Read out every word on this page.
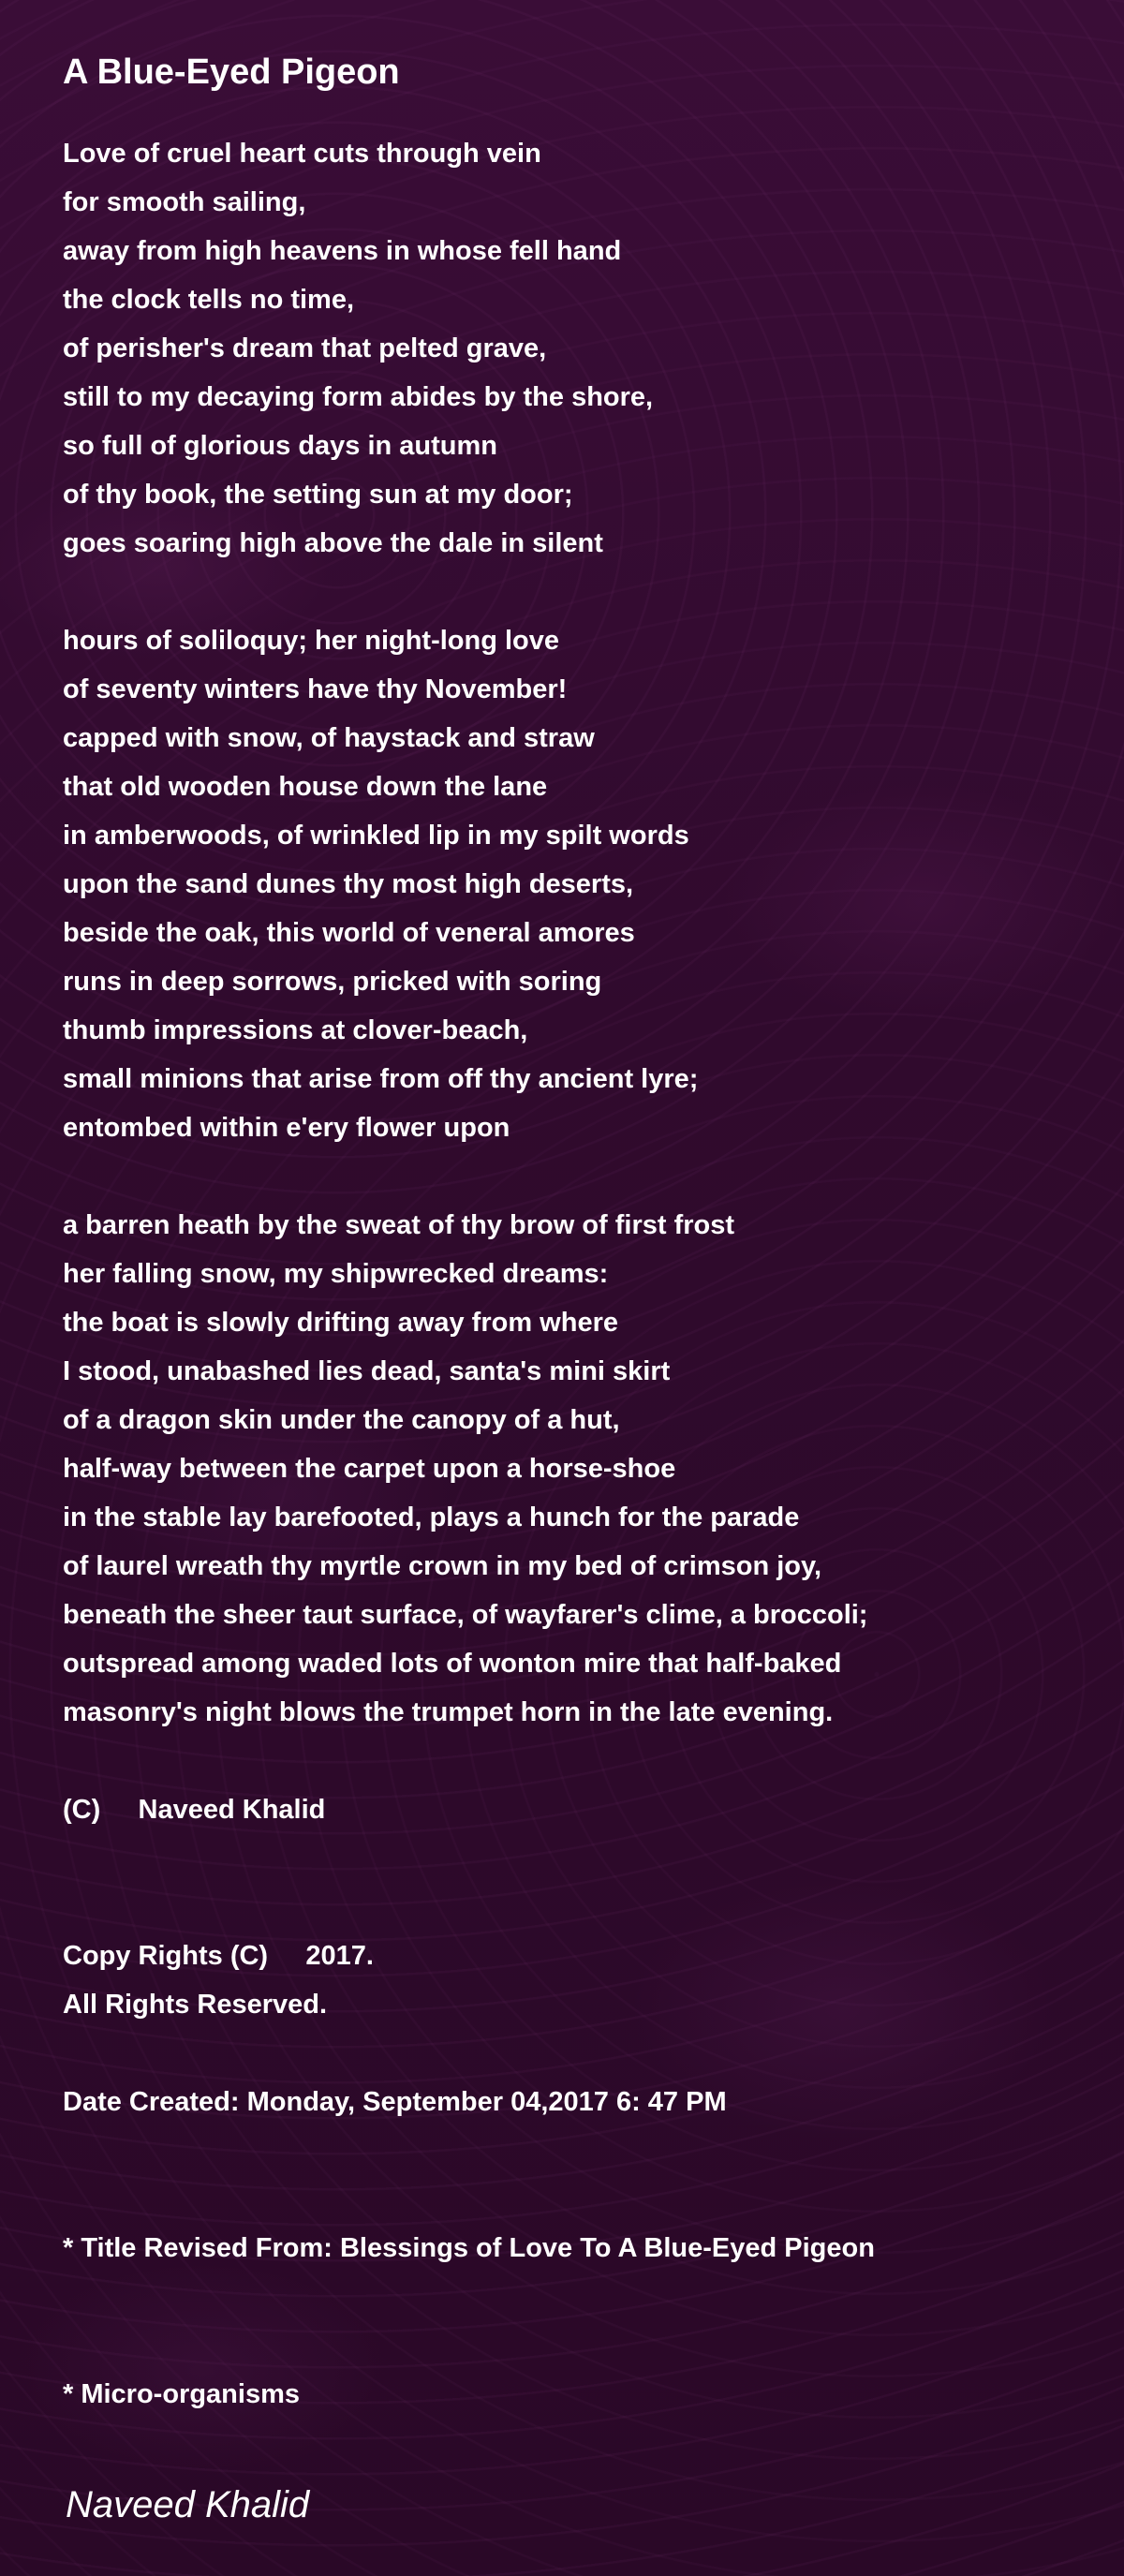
A Blue-Eyed Pigeon
Love of cruel heart cuts through vein
for smooth sailing,
away from high heavens in whose fell hand
the clock tells no time,
of perisher's dream that pelted grave,
still to my decaying form abides by the shore,
so full of glorious days in autumn
of thy book, the setting sun at my door;
goes soaring high above the dale in silent
hours of soliloquy; her night-long love
of seventy winters have thy November!
capped with snow, of haystack and straw
that old wooden house down the lane
in amberwoods, of wrinkled lip in my spilt words
upon the sand dunes thy most high deserts,
beside the oak, this world of veneral amores
runs in deep sorrows, pricked with soring
thumb impressions at clover-beach,
small minions that arise from off thy ancient lyre;
entombed within e'ery flower upon
a barren heath by the sweat of thy brow of first frost
her falling snow, my shipwrecked dreams:
the boat is slowly drifting away from where
I stood, unabashed lies dead, santa's mini skirt
of a dragon skin under the canopy of a hut,
half-way between the carpet upon a horse-shoe
in the stable lay barefooted, plays a hunch for the parade
of laurel wreath thy myrtle crown in my bed of crimson joy,
beneath the sheer taut surface, of wayfarer's clime, a broccoli;
outspread among waded lots of wonton mire that half-baked
masonry's night blows the trumpet horn in the late evening.
(C)     Naveed Khalid
Copy Rights (C)     2017.
All Rights Reserved.
Date Created: Monday, September 04,2017 6: 47 PM
* Title Revised From: Blessings of Love To A Blue-Eyed Pigeon
* Micro-organisms
Naveed Khalid
